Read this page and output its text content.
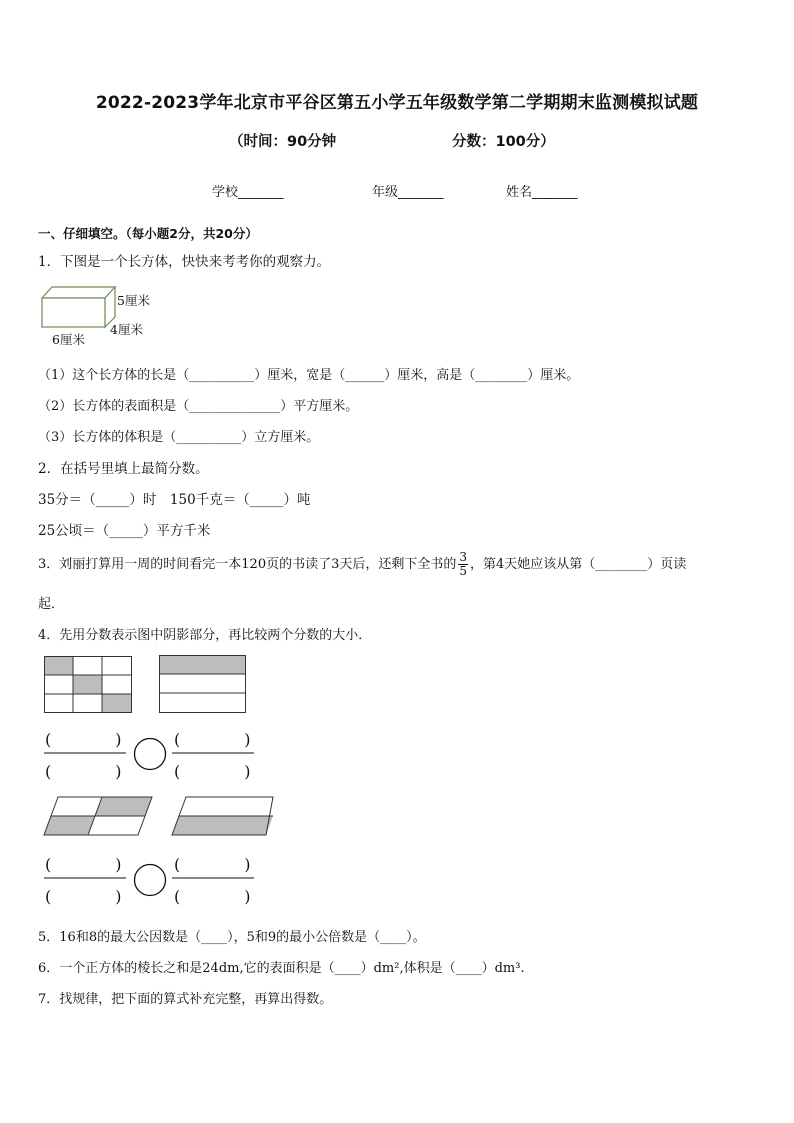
2022-2023学年北京市平谷区第五小学五年级数学第二学期期末监测模拟试题
（时间：90分钟	分数：100分）
学校_______	年级_______	姓名_______
一、仔细填空。（每小题2分，共20分）
1．下图是一个长方体，快快来考考你的观察力。
5厘米
4厘米
6厘米
（1）这个长方体的长是（__________）厘米，宽是（______）厘米，高是（________）厘米。
（2）长方体的表面积是（______________）平方厘米。
（3）长方体的体积是（__________）立方厘米。
2．在括号里填上最简分数。
35分＝（_____）时　150千克＝（_____）吨
25公顷＝（_____）平方千米
3．刘丽打算用一周的时间看完一本120页的书读了3天后，还剩下全书的 $\frac{3}{5}$ ，第4天她应该从第（________）页读
起．
4．先用分数表示图中阴影部分，再比较两个分数的大小．
(　　　　)
(　　　　)
(　　　　)
(　　　　)
(　　　　)
(　　　　)
(　　　　)
(　　　　)
5．16和8的最大公因数是（____），5和9的最小公倍数是（____）。
6．一个正方体的棱长之和是24dm,它的表面积是（____）dm²,体积是（____）dm³.
7．找规律，把下面的算式补充完整，再算出得数。
